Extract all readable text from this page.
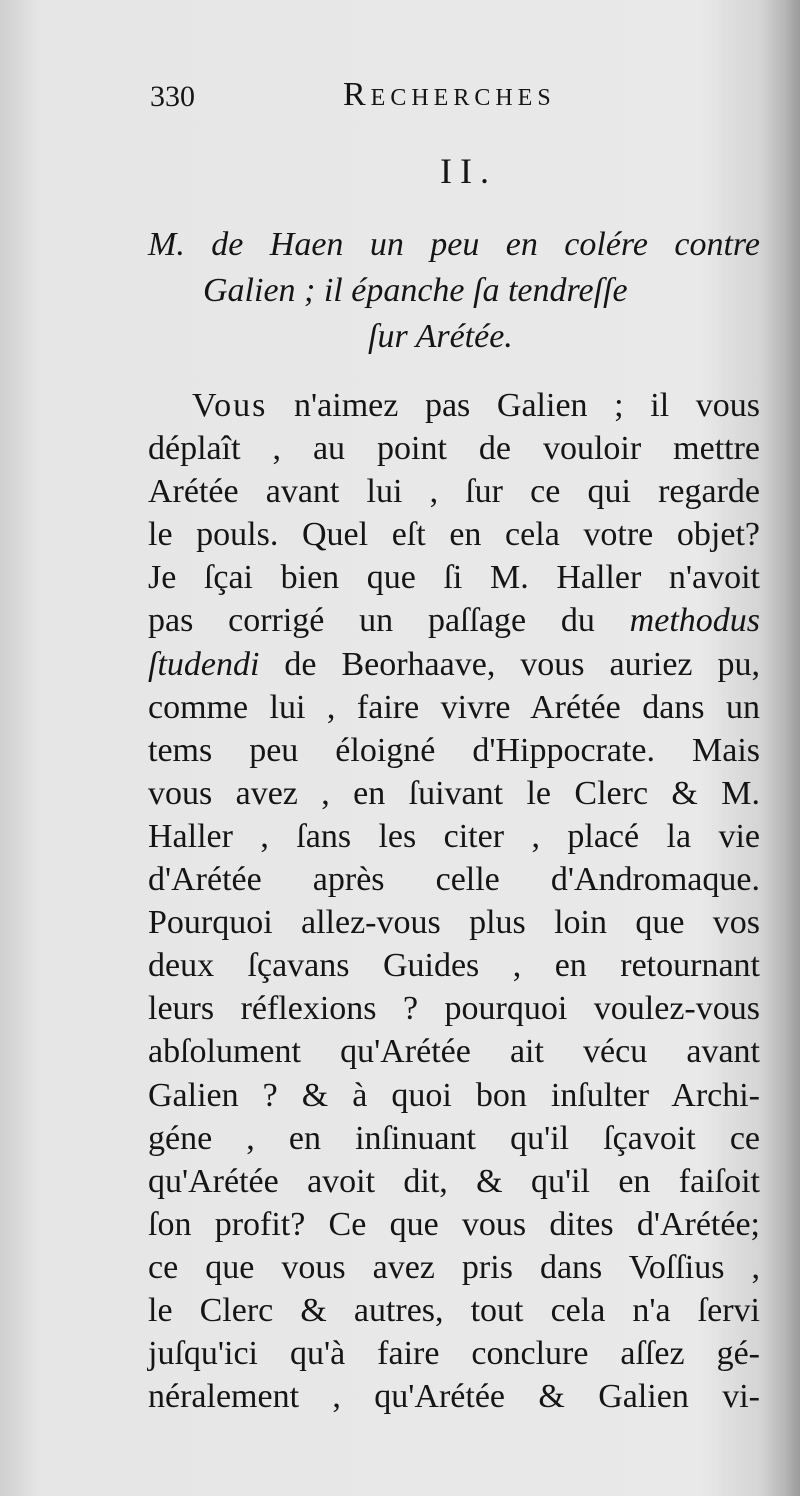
330	Recherches
II.
M. de Haen un peu en colére contre
Galien ; il épanche ſa tendreſſe
ſur Arétée.
Vous n'aimez pas Galien ; il vous
déplaît , au point de vouloir mettre
Arétée avant lui , ſur ce qui regarde
le pouls. Quel eſt en cela votre objet?
Je ſçai bien que ſi M. Haller n'avoit
pas corrigé un paſſage du methodus
ſtudendi de Beorhaave, vous auriez pu,
comme lui , faire vivre Arétée dans un
tems peu éloigné d'Hippocrate. Mais
vous avez , en ſuivant le Clerc & M.
Haller , ſans les citer , placé la vie
d'Arétée après celle d'Andromaque.
Pourquoi allez-vous plus loin que vos
deux ſçavans Guides , en retournant
leurs réflexions ? pourquoi voulez-vous
abſolument qu'Arétée ait vécu avant
Galien ? & à quoi bon inſulter Archi-
géne , en inſinuant qu'il ſçavoit ce
qu'Arétée avoit dit, & qu'il en faiſoit
ſon profit? Ce que vous dites d'Arétée;
ce que vous avez pris dans Voſſius ,
le Clerc & autres, tout cela n'a ſervi
juſqu'ici qu'à faire conclure aſſez gé-
néralement , qu'Arétée & Galien vi-
